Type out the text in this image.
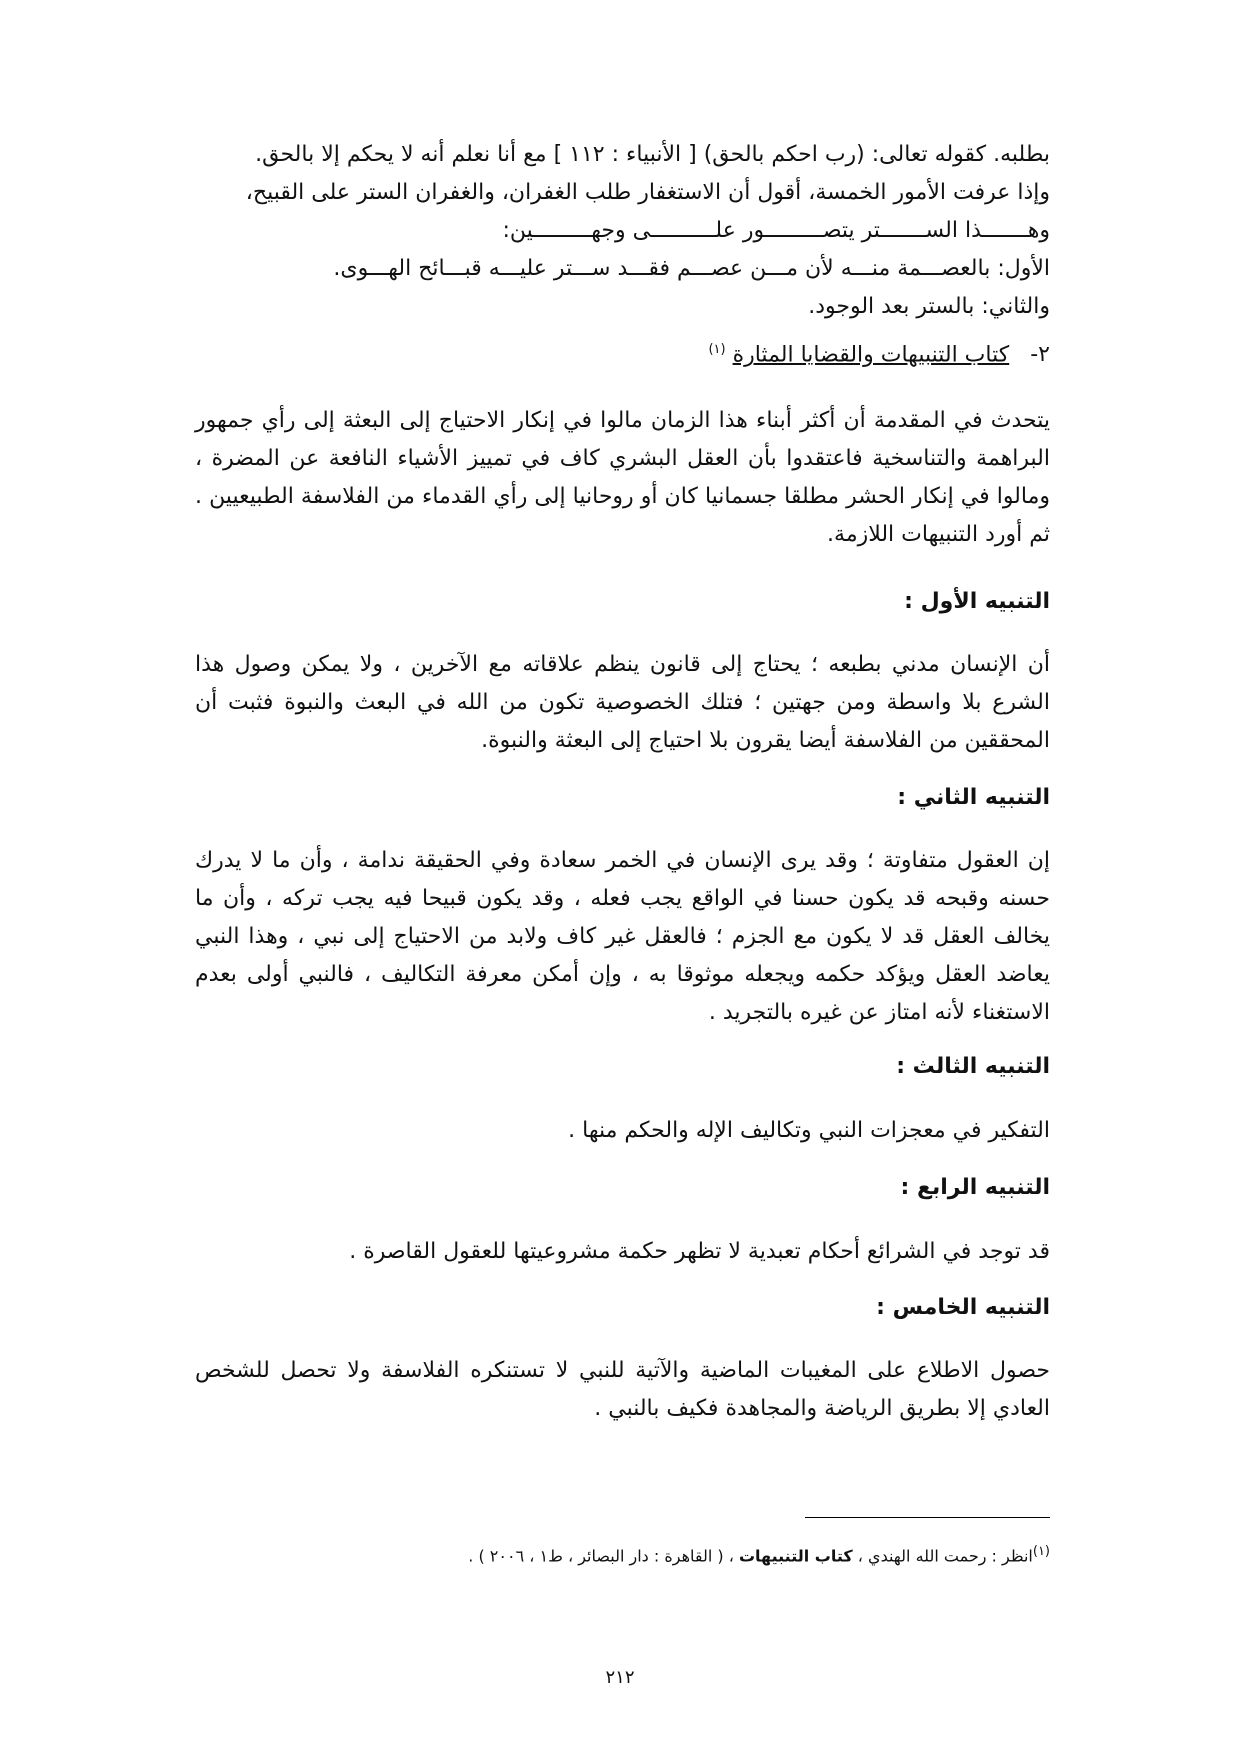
بطلبه. كقوله تعالى: (رب احكم بالحق) [ الأنبياء : ١١٢ ] مع أنا نعلم أنه لا يحكم إلا بالحق.

وإذا عرفت الأمور الخمسة، أقول أن الاستغفار طلب الغفران، والغفران الستر على القبيح،

وهـــــــذا الســـــــتر يتصـــــــــور علــــــــــى وجهـــــــــين:

الأول: بالعصـــمة منـــه لأن مـــن عصـــم فقـــد ســـتر عليـــه قبـــائح الهـــوى.

والثاني: بالستر بعد الوجود.

٢- كتاب التنبيهات والقضايا المثارة $^{(١)}$

يتحدث في المقدمة أن أكثر أبناء هذا الزمان مالوا في إنكار الاحتياج إلى البعثة إلى رأي جمهور البراهمة والتناسخية فاعتقدوا بأن العقل البشري كاف في تمييز الأشياء النافعة عن المضرة ، ومالوا في إنكار الحشر مطلقا جسمانيا كان أو روحانيا إلى رأي القدماء من الفلاسفة الطبيعيين . ثم أورد التنبيهات اللازمة.

التنبيه الأول :

أن الإنسان مدني بطبعه ؛ يحتاج إلى قانون ينظم علاقاته مع الآخرين ، ولا يمكن وصول هذا الشرع بلا واسطة ومن جهتين ؛ فتلك الخصوصية تكون من الله في البعث والنبوة فثبت أن المحققين من الفلاسفة أيضا يقرون بلا احتياج إلى البعثة والنبوة.

التنبيه الثاني :

إن العقول متفاوتة ؛ وقد يرى الإنسان في الخمر سعادة وفي الحقيقة ندامة ، وأن ما لا يدرك حسنه وقبحه قد يكون حسنا في الواقع يجب فعله ، وقد يكون قبيحا فيه يجب تركه ، وأن ما يخالف العقل قد لا يكون مع الجزم ؛ فالعقل غير كاف ولابد من الاحتياج إلى نبي ، وهذا النبي يعاضد العقل ويؤكد حكمه ويجعله موثوقا به ، وإن أمكن معرفة التكاليف ، فالنبي أولى بعدم الاستغناء لأنه امتاز عن غيره بالتجريد .

التنبيه الثالث :

التفكير في معجزات النبي وتكاليف الإله والحكم منها .

التنبيه الرابع :

قد توجد في الشرائع أحكام تعبدية لا تظهر حكمة مشروعيتها للعقول القاصرة .

التنبيه الخامس :

حصول الاطلاع على المغيبات الماضية والآتية للنبي لا تستنكره الفلاسفة ولا تحصل للشخص العادي إلا بطريق الرياضة والمجاهدة فكيف بالنبي .

$^{(١)}$انظر : رحمت الله الهندي ، كتاب التنبيهات ، ( القاهرة : دار البصائر ، ط١ ، ٢٠٠٦ ) .

٢١٢
